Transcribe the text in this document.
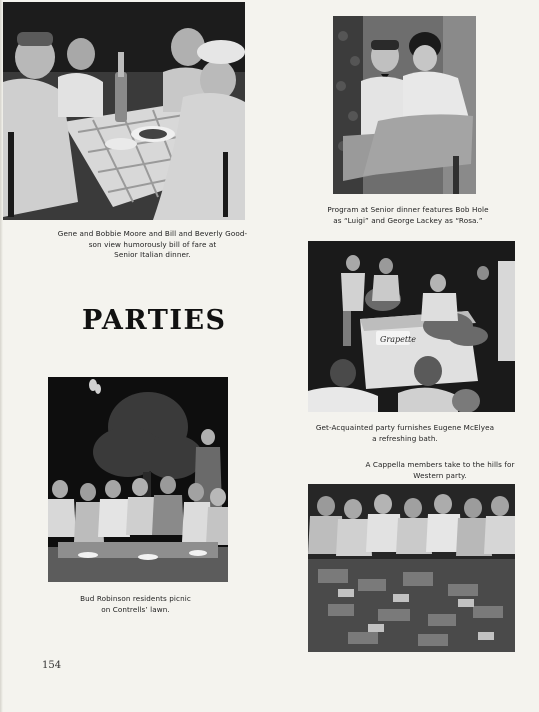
Gene and Bobbie Moore and Bill and Beverly Good-
son view humorously bill of fare at
Senior Italian dinner.
Program at Senior dinner features Bob Hole
as “Luigi” and George Lackey as “Rosa.”
PARTIES
Grapette
Get-Acquainted party furnishes Eugene McElyea
a refreshing bath.
Bud Robinson residents picnic
on Contrells’ lawn.
A Cappella members take to the hills for
Western party.
154
